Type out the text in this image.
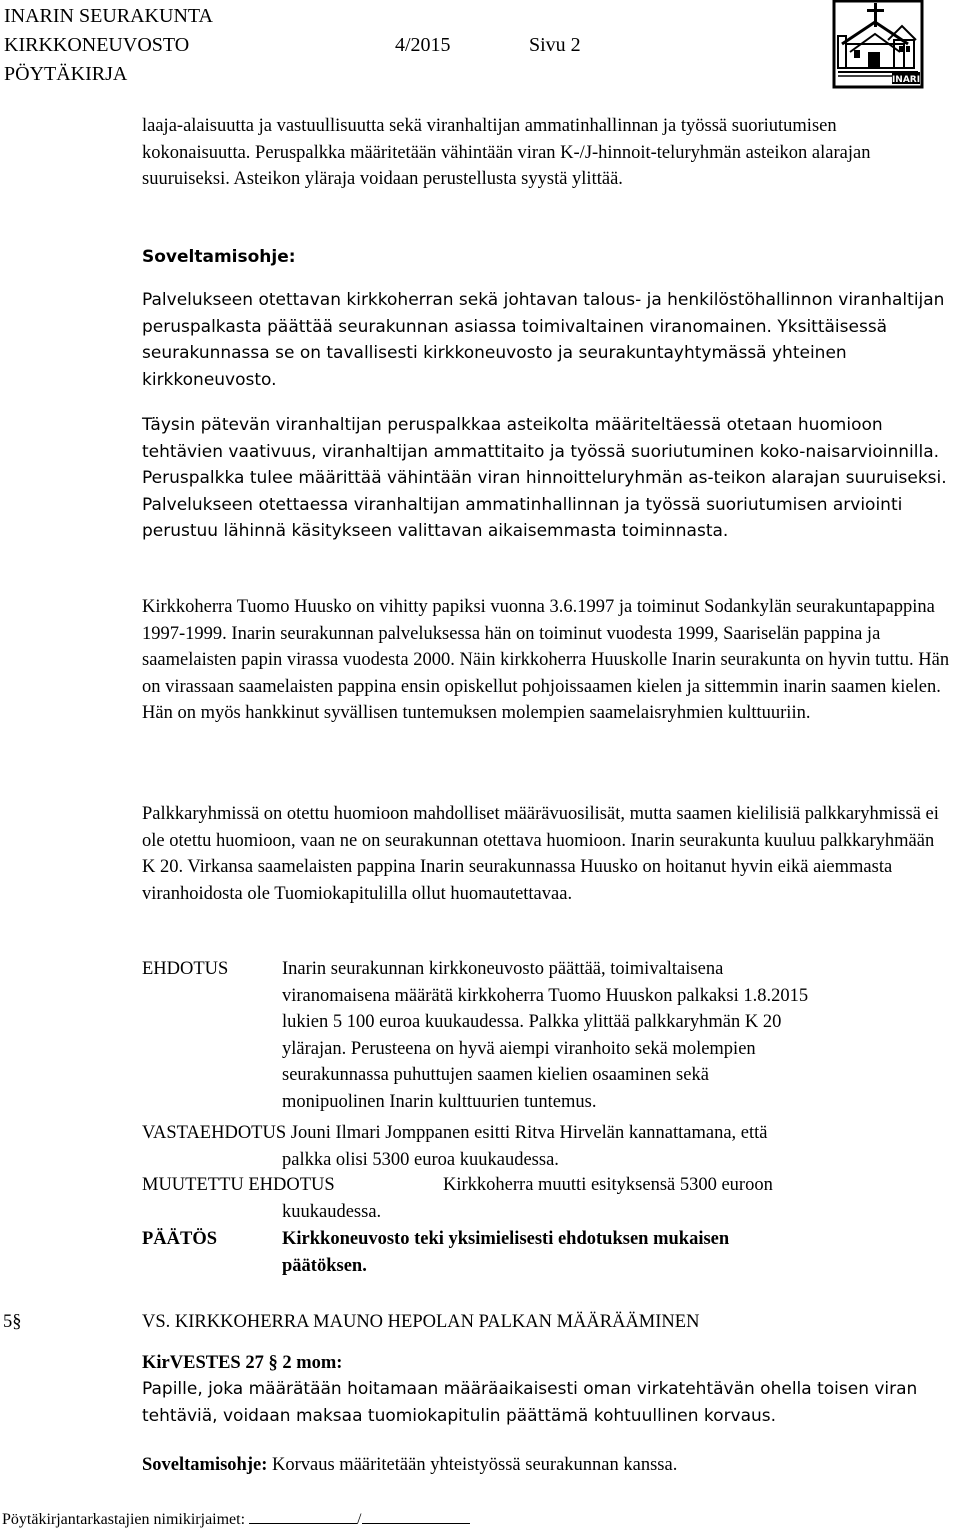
INARIN SEURAKUNTA
KIRKKONEUVOSTO	4/2015	Sivu 2
PÖYTÄKIRJA	INARI
laaja-alaisuutta ja vastuullisuutta sekä viranhaltijan ammatinhallinnan ja työssä suoriutumisen kokonaisuutta. Peruspalkka määritetään vähintään viran K-/J-hinnoit-teluryhmän asteikon alarajan suuruiseksi. Asteikon yläraja voidaan perustellusta syystä ylittää.
Soveltamisohje:
Palvelukseen otettavan kirkkoherran sekä johtavan talous- ja henkilöstöhallinnon viranhaltijan peruspalkasta päättää seurakunnan asiassa toimivaltainen viranomainen. Yksittäisessä seurakunnassa se on tavallisesti kirkkoneuvosto ja seurakuntayhtymässä yhteinen kirkkoneuvosto.
Täysin pätevän viranhaltijan peruspalkkaa asteikolta määriteltäessä otetaan huomioon tehtävien vaativuus, viranhaltijan ammattitaito ja työssä suoriutuminen koko-naisarvioinnilla. Peruspalkka tulee määrittää vähintään viran hinnoitteluryhmän as-teikon alarajan suuruiseksi. Palvelukseen otettaessa viranhaltijan ammatinhallinnan ja työssä suoriutumisen arviointi perustuu lähinnä käsitykseen valittavan aikaisemmasta toiminnasta.
Kirkkoherra Tuomo Huusko on vihitty papiksi vuonna 3.6.1997 ja toiminut Sodankylän seurakuntapappina 1997-1999. Inarin seurakunnan palveluksessa hän on toiminut vuodesta 1999, Saariselän pappina ja saamelaisten papin virassa vuodesta 2000. Näin kirkkoherra Huuskolle Inarin seurakunta on hyvin tuttu. Hän on virassaan saamelaisten pappina ensin opiskellut pohjoissaamen kielen ja sittemmin inarin saamen kielen. Hän on myös hankkinut syvällisen tuntemuksen molempien saamelaisryhmien kulttuuriin.
Palkkaryhmissä on otettu huomioon mahdolliset määrävuosilisät, mutta saamen kielilisiä palkkaryhmissä ei ole otettu huomioon, vaan ne on seurakunnan otettava huomioon. Inarin seurakunta kuuluu palkkaryhmään K 20. Virkansa saamelaisten pappina Inarin seurakunnassa Huusko on hoitanut hyvin eikä aiemmasta viranhoidosta ole Tuomiokapitulilla ollut huomautettavaa.
EHDOTUS	Inarin seurakunnan kirkkoneuvosto päättää, toimivaltaisena
viranomaisena määrätä kirkkoherra Tuomo Huuskon palkaksi 1.8.2015
lukien 5 100 euroa kuukaudessa. Palkka ylittää palkkaryhmän K 20
ylärajan. Perusteena on hyvä aiempi viranhoito sekä molempien
seurakunnassa puhuttujen saamen kielien osaaminen sekä
monipuolinen Inarin kulttuurien tuntemus.
VASTAEHDOTUS Jouni Ilmari Jomppanen esitti Ritva Hirvelän kannattamana, että
palkka olisi 5300 euroa kuukaudessa.
MUUTETTU EHDOTUS	Kirkkoherra muutti esityksensä 5300 euroon
kuukaudessa.
PÄÄTÖS	Kirkkoneuvosto teki yksimielisesti ehdotuksen mukaisen
päätöksen.
5§	VS. KIRKKOHERRA MAUNO HEPOLAN PALKAN MÄÄRÄÄMINEN
KirVESTES 27 § 2 mom:
Papille, joka määrätään hoitamaan määräaikaisesti oman virkatehtävän ohella toisen viran tehtäviä, voidaan maksaa tuomiokapitulin päättämä kohtuullinen korvaus.
Soveltamisohje: Korvaus määritetään yhteistyössä seurakunnan kanssa.
Pöytäkirjantarkastajien nimikirjaimet:	/
